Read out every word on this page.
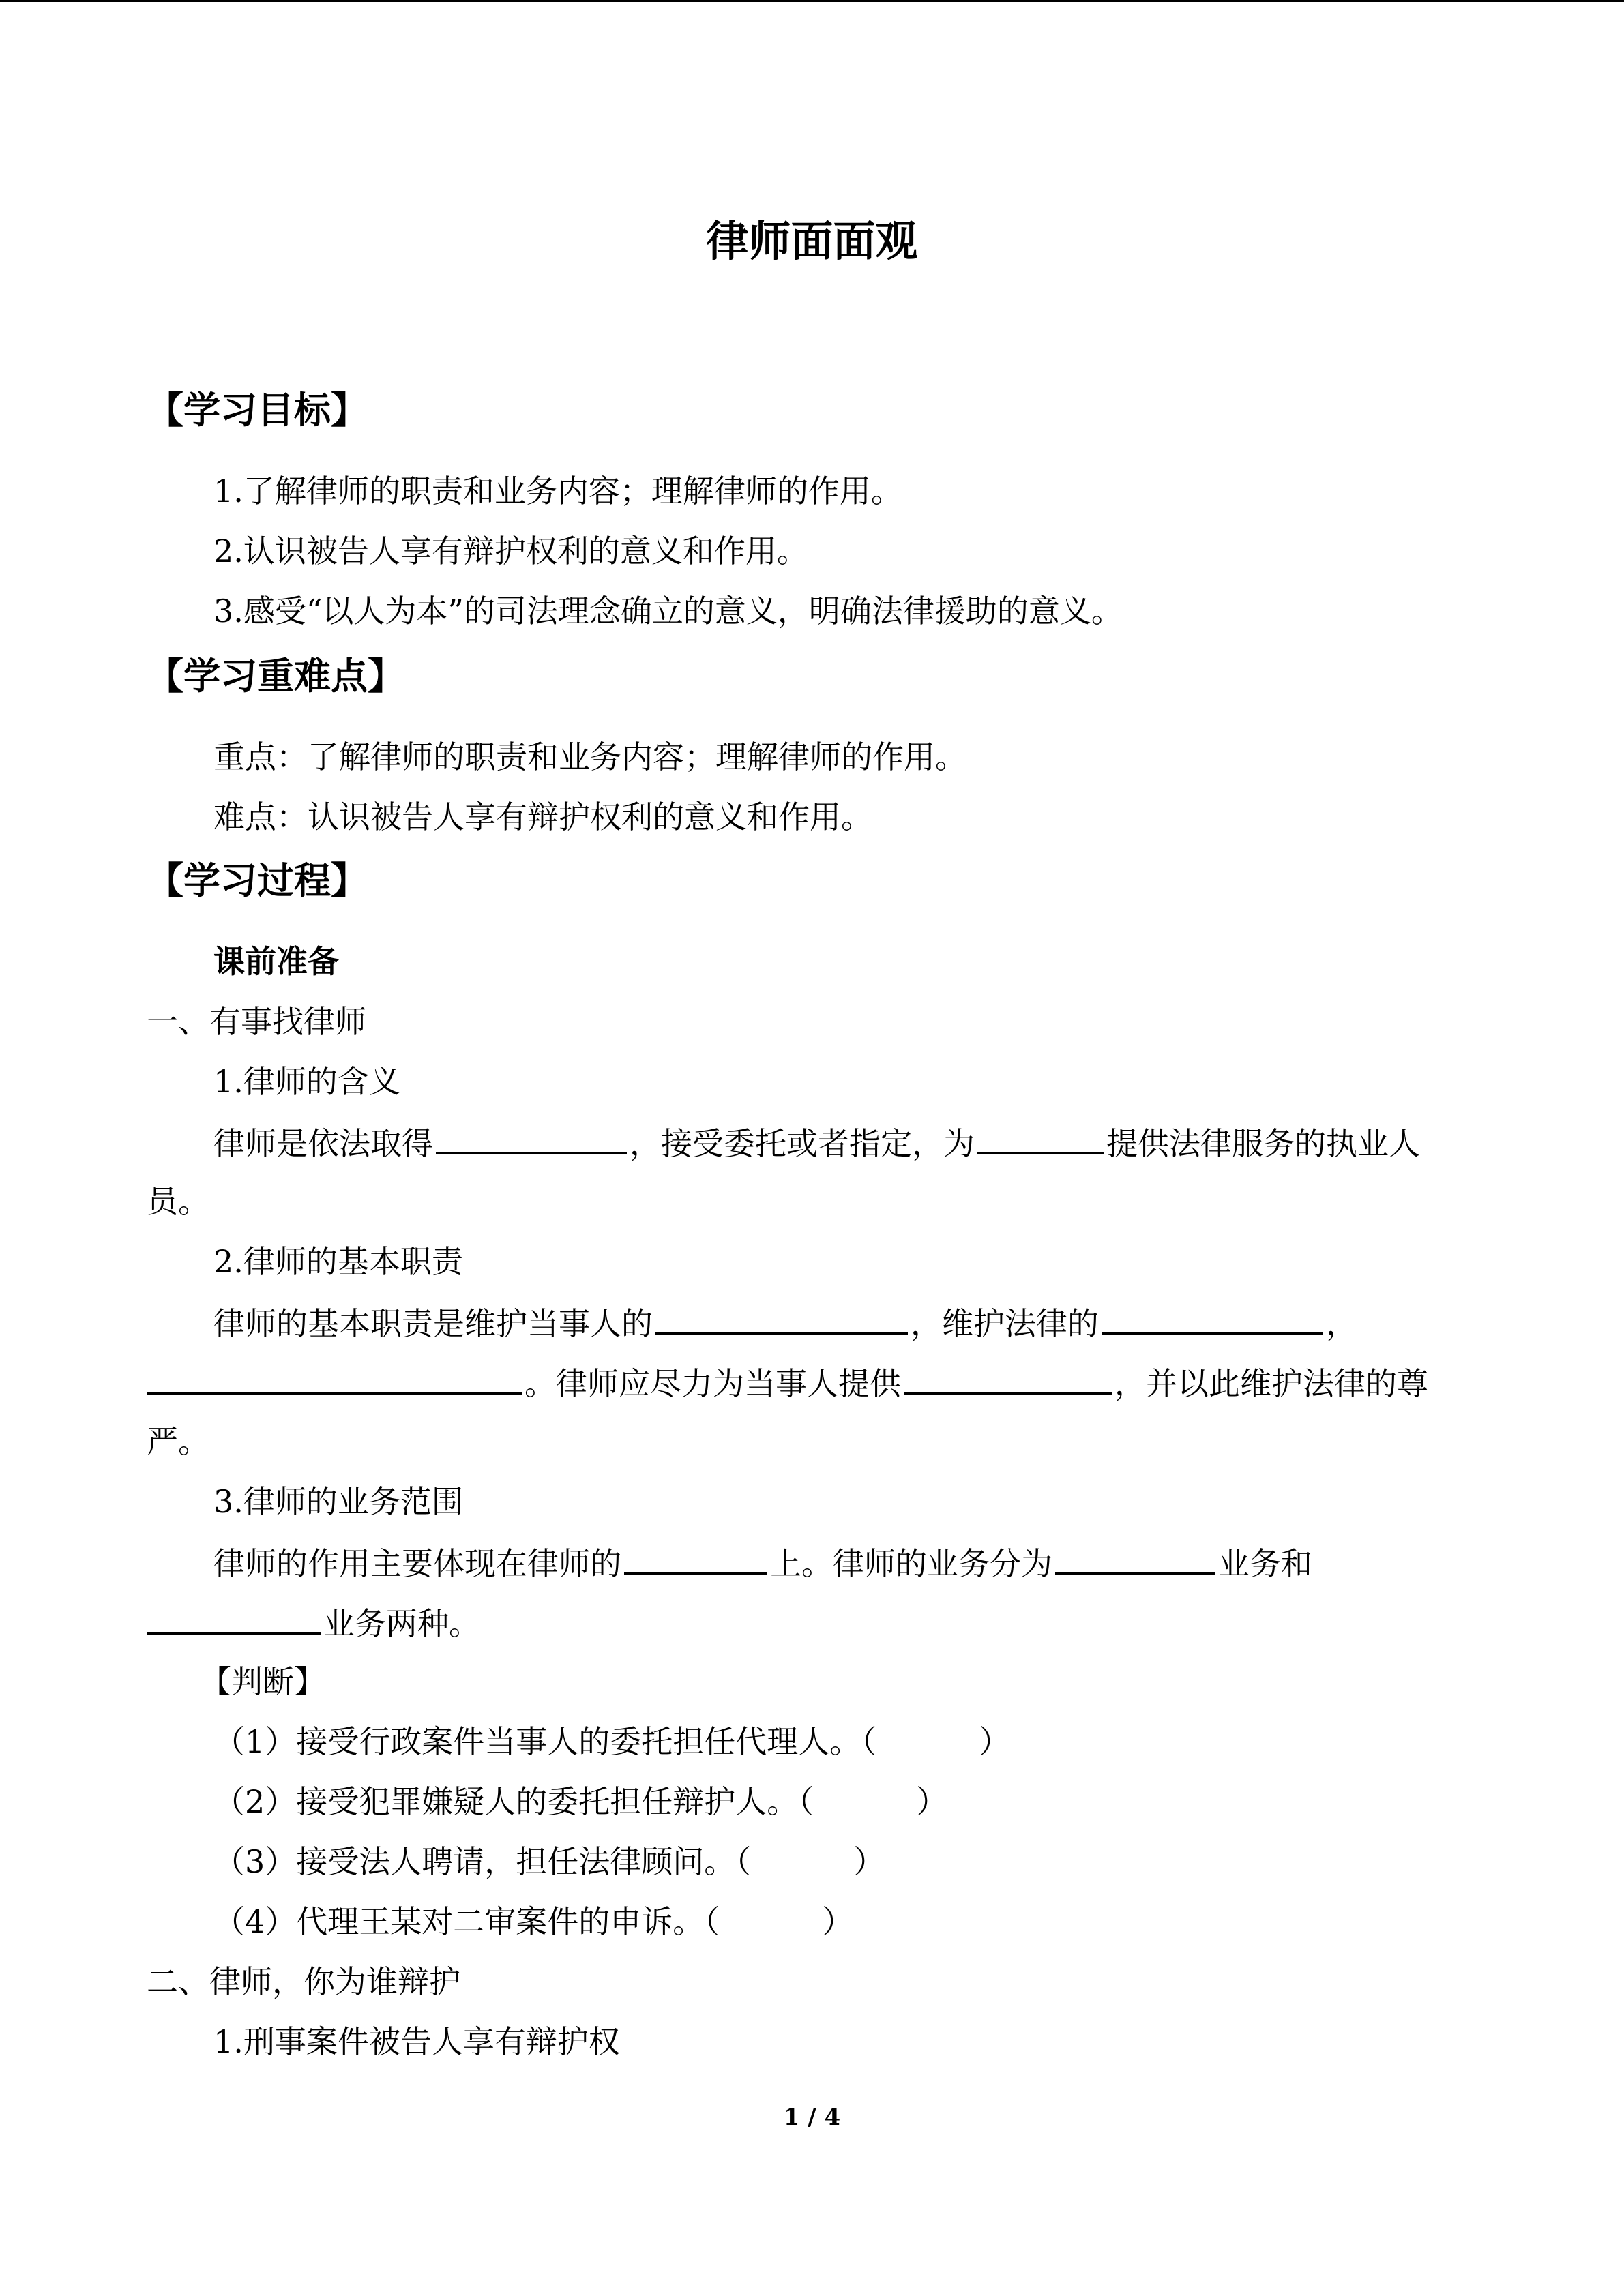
律师面面观
【学习目标】
1.了解律师的职责和业务内容；理解律师的作用。
2.认识被告人享有辩护权利的意义和作用。
3.感受“以人为本”的司法理念确立的意义，明确法律援助的意义。
【学习重难点】
重点：了解律师的职责和业务内容；理解律师的作用。
难点：认识被告人享有辩护权利的意义和作用。
【学习过程】
课前准备
一、有事找律师
1.律师的含义
律师是依法取得	，接受委托或者指定，为	提供法律服务的执业人
员。
2.律师的基本职责
律师的基本职责是维护当事人的	，维护法律的	，
。律师应尽力为当事人提供	，并以此维护法律的尊
严。
3.律师的业务范围
律师的作用主要体现在律师的	上。律师的业务分为	业务和
业务两种。
【判断】
（1）接受行政案件当事人的委托担任代理人。（	）
（2）接受犯罪嫌疑人的委托担任辩护人。（	）
（3）接受法人聘请，担任法律顾问。（	）
（4）代理王某对二审案件的申诉。（	）
二、律师，你为谁辩护
1.刑事案件被告人享有辩护权
1 / 4
